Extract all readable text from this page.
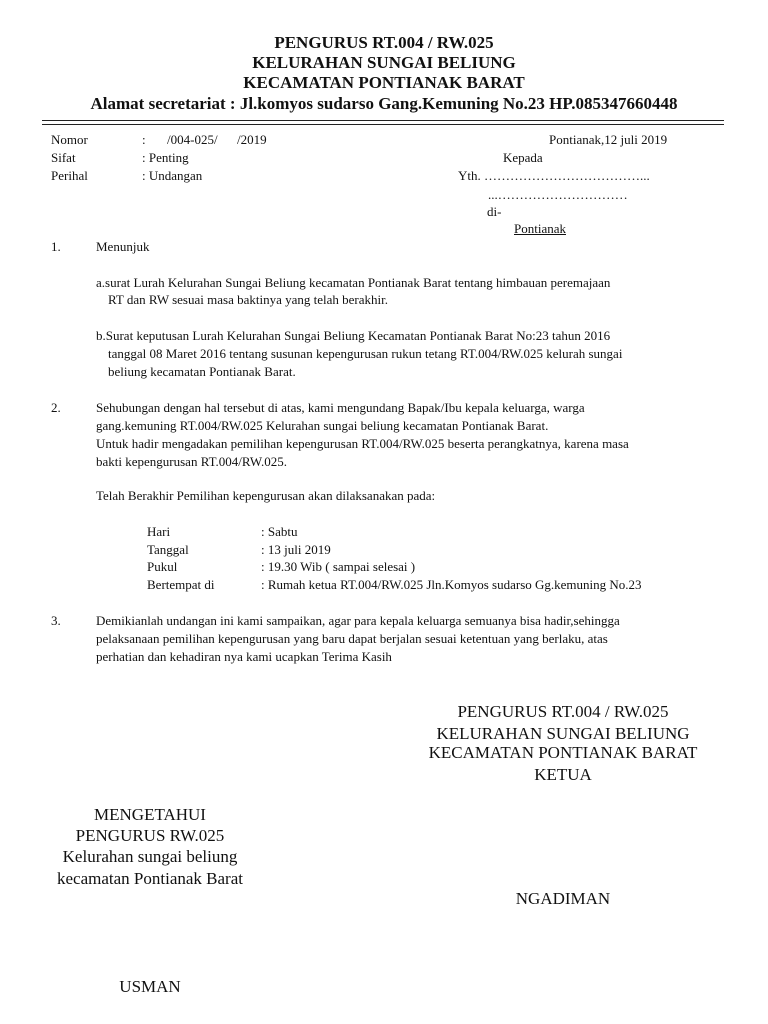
PENGURUS RT.004 / RW.025
KELURAHAN SUNGAI BELIUNG
KECAMATAN PONTIANAK BARAT
Alamat secretariat : Jl.komyos sudarso Gang.Kemuning No.23 HP.085347660448
Nomor	: /004-025/      /2019	Pontianak,12 juli 2019
Sifat	: Penting	Kepada
Perihal	: Undangan	Yth. ………………………………...
...…………………………
di-
Pontianak
1.	Menunjuk
a.surat Lurah Kelurahan Sungai Beliung kecamatan Pontianak Barat tentang himbauan peremajaan
RT dan RW sesuai masa baktinya yang telah berakhir.
b.Surat keputusan Lurah Kelurahan Sungai Beliung Kecamatan Pontianak Barat No:23 tahun 2016
tanggal 08 Maret 2016 tentang susunan kepengurusan rukun tetang RT.004/RW.025 kelurah sungai
beliung kecamatan Pontianak Barat.
2.	Sehubungan dengan hal tersebut di atas, kami mengundang Bapak/Ibu kepala keluarga, warga
gang.kemuning RT.004/RW.025 Kelurahan sungai beliung kecamatan Pontianak Barat.
Untuk hadir mengadakan pemilihan kepengurusan RT.004/RW.025 beserta perangkatnya, karena masa
bakti kepengurusan RT.004/RW.025.
Telah Berakhir Pemilihan kepengurusan akan dilaksanakan pada:
Hari	: Sabtu
Tanggal	: 13 juli 2019
Pukul	: 19.30 Wib ( sampai selesai )
Bertempat di	: Rumah ketua RT.004/RW.025 Jln.Komyos sudarso Gg.kemuning No.23
3.	Demikianlah undangan ini kami sampaikan, agar para kepala keluarga semuanya bisa hadir,sehingga
pelaksanaan pemilihan kepengurusan yang baru dapat berjalan sesuai ketentuan yang berlaku, atas
perhatian dan kehadiran nya kami ucapkan Terima Kasih
PENGURUS RT.004 / RW.025
KELURAHAN SUNGAI BELIUNG
KECAMATAN PONTIANAK BARAT
KETUA
NGADIMAN
MENGETAHUI
PENGURUS RW.025
Kelurahan sungai beliung
kecamatan Pontianak Barat
USMAN
